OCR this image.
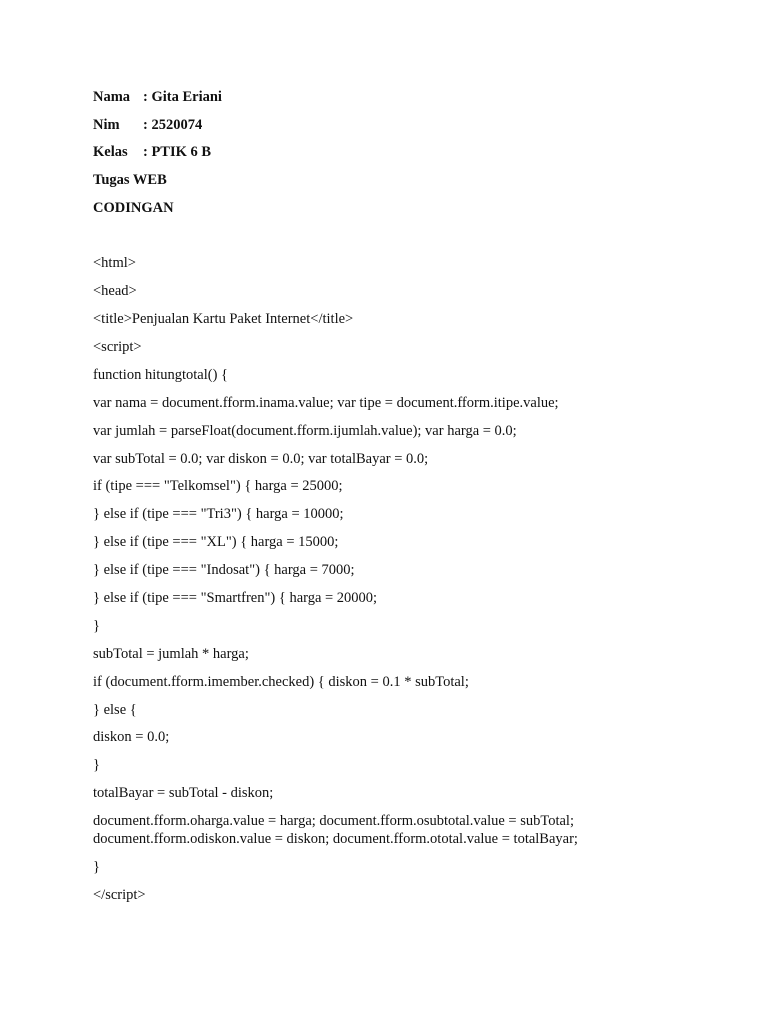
Nama : Gita Eriani
Nim : 2520074
Kelas : PTIK 6 B
Tugas WEB
CODINGAN
<html>
<head>
<title>Penjualan Kartu Paket Internet</title>
<script>
function hitungtotal() {
var nama = document.fform.inama.value; var tipe = document.fform.itipe.value;
var jumlah = parseFloat(document.fform.ijumlah.value); var harga = 0.0;
var subTotal = 0.0; var diskon = 0.0; var totalBayar = 0.0;
if (tipe === "Telkomsel") { harga = 25000;
} else if (tipe === "Tri3") { harga = 10000;
} else if (tipe === "XL") { harga = 15000;
} else if (tipe === "Indosat") { harga = 7000;
} else if (tipe === "Smartfren") { harga = 20000;
}
subTotal = jumlah * harga;
if (document.fform.imember.checked) { diskon = 0.1 * subTotal;
} else {
diskon = 0.0;
}
totalBayar = subTotal - diskon;
document.fform.oharga.value = harga; document.fform.osubtotal.value = subTotal;
document.fform.odiskon.value = diskon; document.fform.ototal.value = totalBayar;
}
</script>
